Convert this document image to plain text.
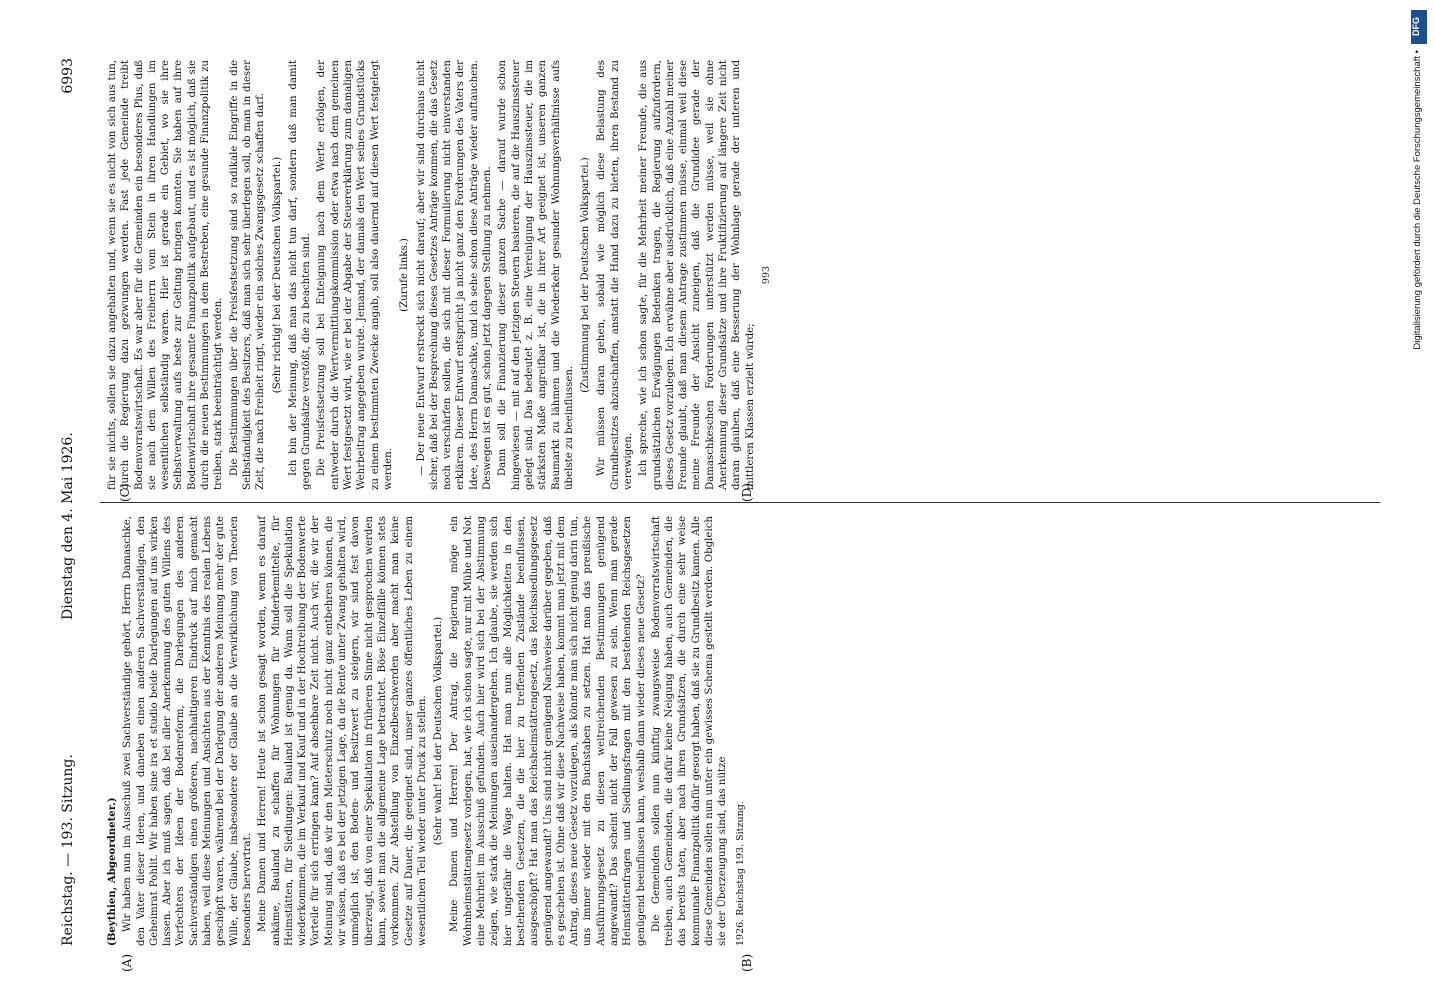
Reichstag. — 193. Sitzung.
Dienstag den 4. Mai 1926.
6993
(A)	(B)
(C)	(D)

(Beythien, Abgeordneter.) Wir haben nun im Ausschuß zwei Sachverständige gehört, Herrn Damaschke, den Vater dieser Ideen, und daneben einen anderen Sachverständigen, den Geheimrat Pohlit. Wir haben sine ira et studio beide Darlegungen auf uns wirken lassen. Aber ich muß sagen, daß bei aller Anerkennung des guten Willens des Verfechters der Ideen der Bodenreform, die Darlegungen des anderen Sachverständigen einen größeren, nachhaltigeren Eindruck auf mich gemacht haben, weil diese Meinungen und Ansichten aus der Kenntnis des realen Lebens geschöpft waren, während bei der Darlegung der anderen Meinung mehr der gute Wille, der Glaube, insbesondere der Glaube an die Verwirklichung von Theorien besonders hervortrat. Meine Damen und Herren! Heute ist schon gesagt worden, wenn es darauf ankäme, Bauland zu schaffen für Wohnungen für Minderbemittelte, für Heimstätten, für Siedlungen: Bauland ist genug da. Wann soll die Spekulation wiederkommen, die im Verkauf und Kauf und in der Hochtreibung der Bodenwerte Vorteile für sich erringen kann? Auf absehbare Zeit nicht. Auch wir, die wir der Meinung sind, daß wir den Mieterschutz noch nicht ganz entbehren können, die wir wissen, daß es bei der jetzigen Lage, da die Rente unter Zwang gehalten wird, unmöglich ist, den Boden- und Besitzwert zu steigern, wir sind fest davon überzeugt, daß von einer Spekulation im früheren Sinne nicht gesprochen werden kann, soweit man die allgemeine Lage betrachtet. Böse Einzelfälle können stets vorkommen. Zur Abstellung von Einzelbeschwerden aber macht man keine Gesetze auf Dauer, die geeignet sind, unser ganzes öffentliches Leben zu einem wesentlichen Teil wieder unter Druck zu stellen. (Sehr wahr! bei der Deutschen Volkspartei.) Meine Damen und Herren! Der Antrag, die Regierung möge ein Wohnheimstättengesetz vorlegen, hat, wie ich schon sagte, nur mit Mühe und Not eine Mehrheit im Ausschuß gefunden. Auch hier wird sich bei der Abstimmung zeigen, wie stark die Meinungen auseinandergehen. Ich glaube, sie werden sich hier ungefähr die Wage halten. Hat man nun alle Möglichkeiten in den bestehenden Gesetzen, die die hier zu treffenden Zustände beeinflussen, ausgeschöpft? Hat man das Reichsheimstättengesetz, das Reichssiedlungsgesetz genügend angewandt? Uns sind nicht genügend Nachweise darüber gegeben, daß es geschehen ist. Ohne daß wir diese Nachweise haben, kommt man jetzt mit dem Antrag, dieses neue Gesetz vorzulegen, als könnte man sich nicht genug darin tun, uns immer wieder mit den Buchstaben zu setzen. Hat man das preußische Ausführungsgesetz zu diesen weitreichenden Bestimmungen genügend angewandt? Das scheint nicht der Fall gewesen zu sein. Wenn man gerade Heimstättenfragen und Siedlungsfragen mit den bestehenden Reichsgesetzen genügend beeinflussen kann, weshalb dann wieder dieses neue Gesetz? Die Gemeinden sollen nun künftig zwangsweise Bodenvorratswirtschaft treiben, auch Gemeinden, die dafür keine Neigung haben, auch Gemeinden, die das bereits taten, aber nach ihren Grundsätzen, die durch eine sehr weise kommunale Finanzpolitik dafür gesorgt haben, daß sie zu Grundbesitz kamen. Alle diese Gemeinden sollen nun unter ein gewisses Schema gestellt werden. Obgleich sie der Überzeugung sind, das nütze 1926. Reichstag 193. Sitzung.

für sie nichts, sollen sie dazu angehalten und, wenn sie es nicht von sich aus tun, durch die Regierung dazu gezwungen werden. Fast jede Gemeinde treibt Bodenvorratswirtschaft. Es war aber für die Gemeinden ein besonderes Plus, daß sie nach dem Willen des Freiherrn vom Stein in ihren Handlungen im wesentlichen selbständig waren. Hier ist gerade ein Gebiet, wo sie ihre Selbstverwaltung aufs beste zur Geltung bringen konnten. Sie haben auf ihre Bodenwirtschaft ihre gesamte Finanzpolitik aufgebaut, und es ist möglich, daß sie durch die neuen Bestimmungen in dem Bestreben, eine gesunde Finanzpolitik zu treiben, stark beeinträchtigt werden. Die Bestimmungen über die Preisfestsetzung sind so radikale Eingriffe in die Selbständigkeit des Besitzers, daß man sich sehr überlegen soll, ob man in dieser Zeit, die nach Freiheit ringt, wieder ein solches Zwangsgesetz schaffen darf. (Sehr richtig! bei der Deutschen Volkspartei.) Ich bin der Meinung, daß man das nicht tun darf, sondern daß man damit gegen Grundsätze verstößt, die zu beachten sind. Die Preisfestsetzung soll bei Enteignung nach dem Werte erfolgen, der entweder durch die Wertvermittlungskommission oder etwa nach dem gemeinen Wert festgesetzt wird, wie er bei der Abgabe der Steuererklärung zum damaligen Wehrbeitrag angegeben wurde. Jemand, der damals den Wert seines Grundstücks zu einem bestimmten Zwecke angab, soll also dauernd auf diesen Wert festgelegt werden.

(Zurufe links.) — Der neue Entwurf erstreckt sich nicht darauf; aber wir sind durchaus nicht sicher, daß bei der Besprechung dieses Gesetzes Anträge kommen, die das Gesetz noch verschärfen sollen, die sich mit dieser Formulierung nicht einverstanden erklären. Dieser Entwurf entspricht ja nicht ganz den Forderungen des Vaters der Idee, des Herrn Damaschke, und ich sehe schon diese Anträge wieder auftauchen. Deswegen ist es gut, schon jetzt dagegen Stellung zu nehmen. Dann soll die Finanzierung dieser ganzen Sache — darauf wurde schon hingewiesen — mit auf den jetzigen Steuern basieren, die auf die Hauszinssteuer gelegt sind. Das bedeutet z. B. eine Vereinigung der Hauszinssteuer, die im stärksten Maße angreifbar ist, die in ihrer Art geeignet ist, unseren ganzen Baumarkt zu lähmen und die Wiederkehr gesunder Wohnungsverhältnisse aufs übelste zu beeinflussen.

(Zustimmung bei der Deutschen Volkspartei.) Wir müssen daran gehen, sobald wie möglich diese Belastung des Grundbesitzes abzuschaffen, anstatt die Hand dazu zu bieten, ihren Bestand zu verewigen. Ich spreche, wie ich schon sagte, für die Mehrheit meiner Freunde, die aus grundsätzlichen Erwägungen Bedenken tragen, die Regierung aufzufordern, dieses Gesetz vorzulegen. Ich erwähne aber ausdrücklich, daß eine Anzahl meiner Freunde glaubt, daß man diesem Antrage zustimmen müsse, einmal weil diese meine Freunde der Ansicht zuneigen, daß die Grundidee gerade der Damaschkeschen Forderungen unterstützt werden müsse, weil sie ohne Anerkennung dieser Grundsätze und ihre Fruktifizierung auf längere Zeit nicht daran glauben, daß eine Besserung der Wohnlage gerade der unteren und mittleren Klassen erzielt würde;

993

DFG
Digitalisierung gefördert durch die Deutsche Forschungsgemeinschaft •
